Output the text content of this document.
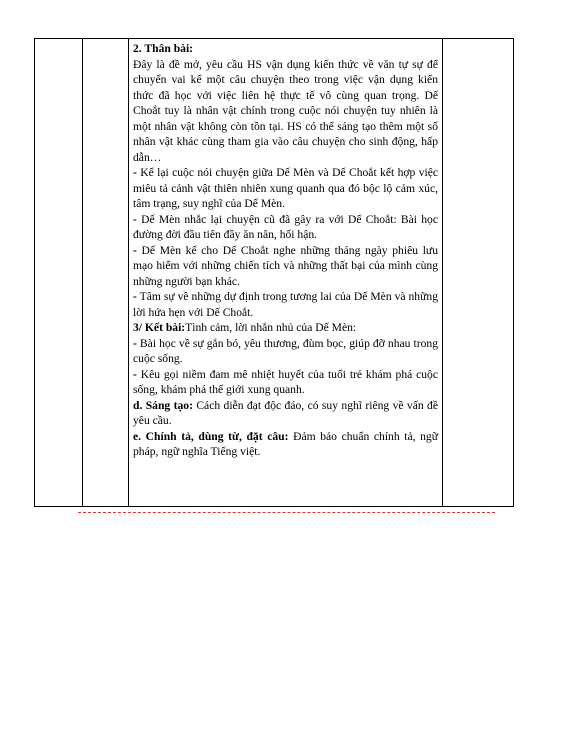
2. Thân bài:

Đây là đề mở, yêu cầu HS vận dụng kiến thức về văn tự sự để chuyển vai kể một câu chuyện theo trong việc vận dụng kiến thức đã học với việc liên hệ thực tế vô cùng quan trọng. Dế Choắt tuy là nhân vật chính trong cuộc nói chuyện tuy nhiên là một nhân vật không còn tồn tại. HS có thể sáng tạo thêm một số nhân vật khác cùng tham gia vào câu chuyện cho sinh động, hấp dẫn…

- Kể lại cuộc nói chuyện giữa Dế Mèn và Dế Choắt kết hợp việc miêu tả cảnh vật thiên nhiên xung quanh qua đó bộc lộ cảm xúc, tâm trạng, suy nghĩ của Dế Mèn.

- Dế Mèn nhắc lại chuyện cũ đã gây ra với Dế Choắt: Bài học đường đời đầu tiên đầy ăn năn, hối hận.

- Dế Mèn kể cho Dế Choắt nghe những tháng ngày phiêu lưu mạo hiểm với những chiến tích và những thất bại của mình cùng những người bạn khác.

- Tâm sự về những dự định trong tương lai của Dế Mèn và những lời hứa hẹn với Dế Choắt.

3/ Kết bài:Tình cảm, lời nhắn nhủ của Dế Mèn:

- Bài học về sự gắn bó, yêu thương, đùm bọc, giúp đỡ nhau trong cuộc sống.

- Kêu gọi niềm đam mê nhiệt huyết của tuổi trẻ khám phá cuộc sống, khám phá thế giới xung quanh.

d. Sáng tạo: Cách diễn đạt độc đáo, có suy nghĩ riêng về vấn đề yêu cầu.

e. Chính tả, dùng từ, đặt câu: Đảm bảo chuẩn chính tả, ngữ pháp, ngữ nghĩa Tiếng việt.
